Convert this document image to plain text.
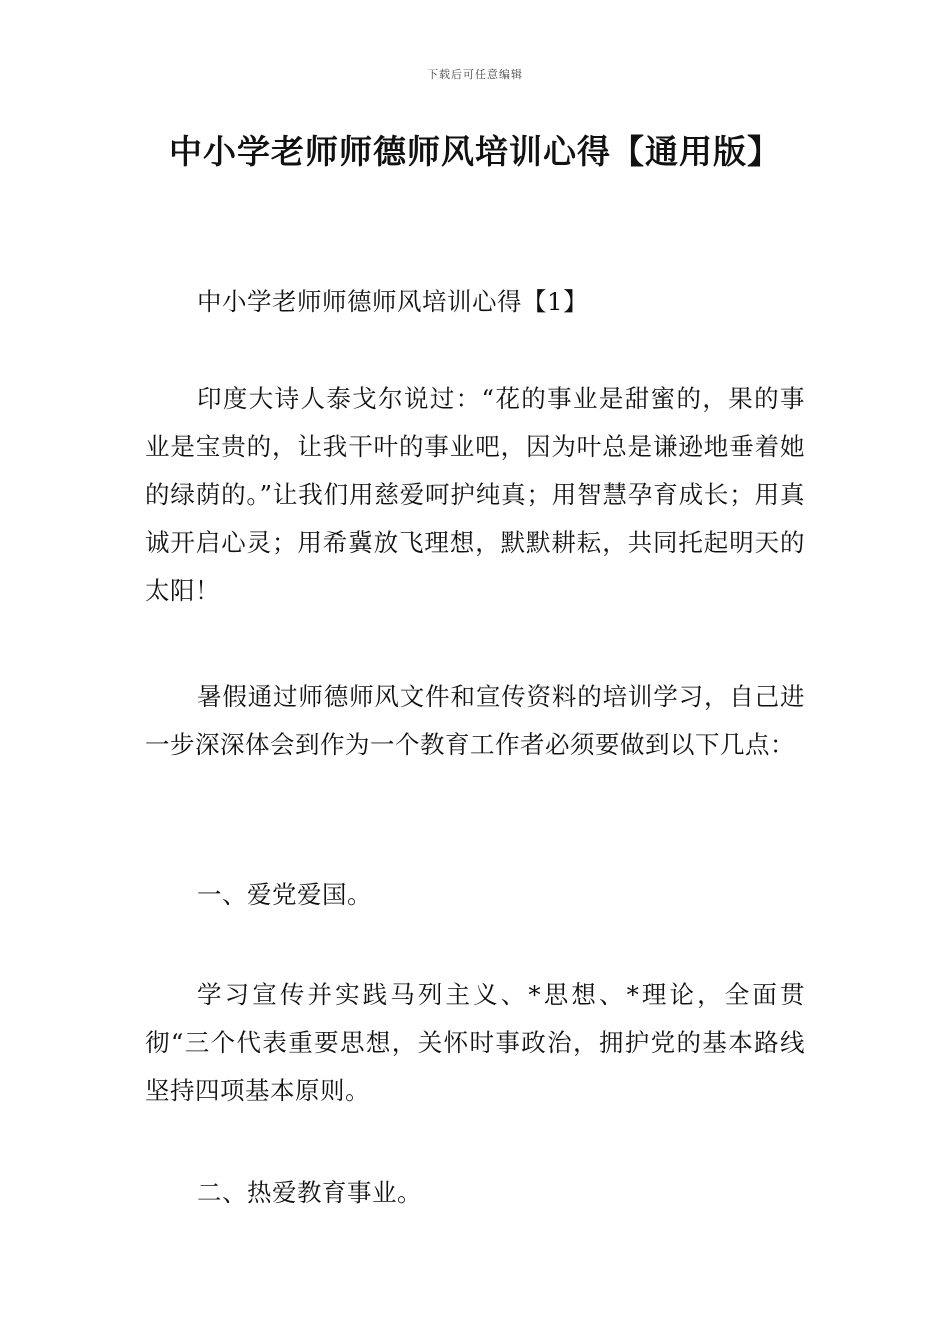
下载后可任意编辑
中小学老师师德师风培训心得【通用版】

中小学老师师德师风培训心得【1】

印度大诗人泰戈尔说过：“花的事业是甜蜜的，果的事业是宝贵的，让我干叶的事业吧，因为叶总是谦逊地垂着她的绿荫的。”让我们用慈爱呵护纯真；用智慧孕育成长；用真诚开启心灵；用希冀放飞理想，默默耕耘，共同托起明天的太阳！

暑假通过师德师风文件和宣传资料的培训学习，自己进一步深深体会到作为一个教育工作者必须要做到以下几点：

一、爱党爱国。

学习宣传并实践马列主义、*思想、*理论，全面贯彻“三个代表重要思想，关怀时事政治，拥护党的基本路线坚持四项基本原则。

二、热爱教育事业。
